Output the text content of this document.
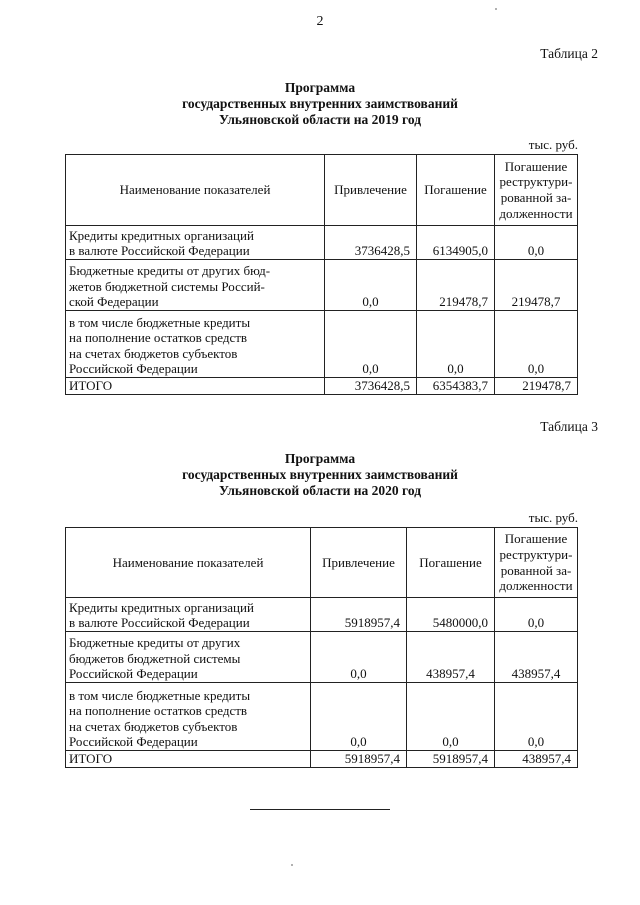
2
Таблица 2
Программа
государственных внутренних заимствований
Ульяновской области на 2019 год
тыс. руб.
Наименование показателей	Привлечение	Погашение	Погашение
реструктури-
рованной за-
долженности

Кредиты кредитных организаций
в валюте Российской Федерации	3736428,5	6134905,0	0,0

Бюджетные кредиты от других бюд-
жетов бюджетной системы Россий-
ской Федерации	0,0	219478,7	219478,7

в том числе бюджетные кредиты
на пополнение остатков средств
на счетах бюджетов субъектов
Российской Федерации	0,0	0,0	0,0
ИТОГО	3736428,5	6354383,7	219478,7
Таблица 3
Программа
государственных внутренних заимствований
Ульяновской области на 2020 год
тыс. руб.
Наименование показателей	Привлечение	Погашение	Погашение
реструктури-
рованной за-
долженности

Кредиты кредитных организаций
в валюте Российской Федерации	5918957,4	5480000,0	0,0

Бюджетные кредиты от других
бюджетов бюджетной системы
Российской Федерации	0,0	438957,4	438957,4

в том числе бюджетные кредиты
на пополнение остатков средств
на счетах бюджетов субъектов
Российской Федерации	0,0	0,0	0,0
ИТОГО	5918957,4	5918957,4	438957,4
